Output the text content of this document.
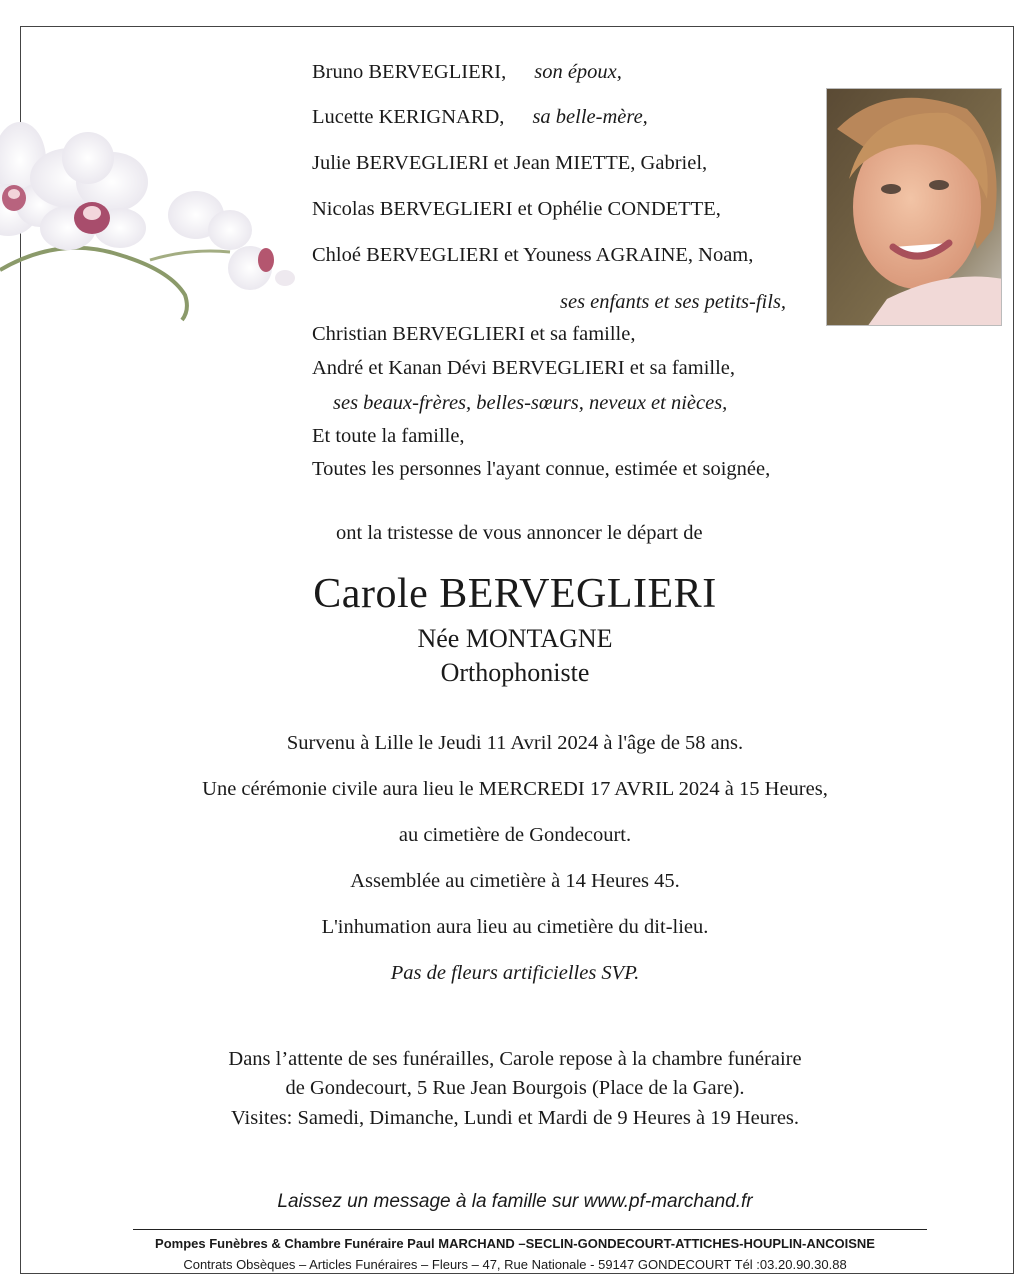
Bruno BERVEGLIERI, son époux,
Lucette KERIGNARD, sa belle-mère,
Julie BERVEGLIERI et Jean MIETTE, Gabriel,
Nicolas BERVEGLIERI et Ophélie CONDETTE,
Chloé BERVEGLIERI et Youness AGRAINE, Noam,
ses enfants et ses petits-fils,
Christian BERVEGLIERI et sa famille,
André et Kanan Dévi BERVEGLIERI et sa famille,
ses beaux-frères, belles-sœurs, neveux et nièces,
Et toute la famille,
Toutes les personnes l'ayant connue, estimée et soignée,
ont la tristesse de vous annoncer le départ de
Carole BERVEGLIERI
Née MONTAGNE
Orthophoniste
Survenu à Lille le Jeudi 11 Avril 2024 à l'âge de 58 ans.
Une cérémonie civile aura lieu le MERCREDI 17 AVRIL 2024 à 15 Heures,
au cimetière de Gondecourt.
Assemblée au cimetière à 14 Heures 45.
L'inhumation aura lieu au cimetière du dit-lieu.
Pas de fleurs artificielles SVP.
Dans l’attente de ses funérailles, Carole repose à la chambre funéraire
de Gondecourt, 5 Rue Jean Bourgois (Place de la Gare).
Visites: Samedi, Dimanche, Lundi et Mardi de 9 Heures à 19 Heures.
Laissez un message à la famille sur www.pf-marchand.fr
Pompes Funèbres & Chambre Funéraire Paul MARCHAND –SECLIN-GONDECOURT-ATTICHES-HOUPLIN-ANCOISNE
Contrats Obsèques – Articles Funéraires – Fleurs – 47, Rue Nationale - 59147 GONDECOURT Tél :03.20.90.30.88
